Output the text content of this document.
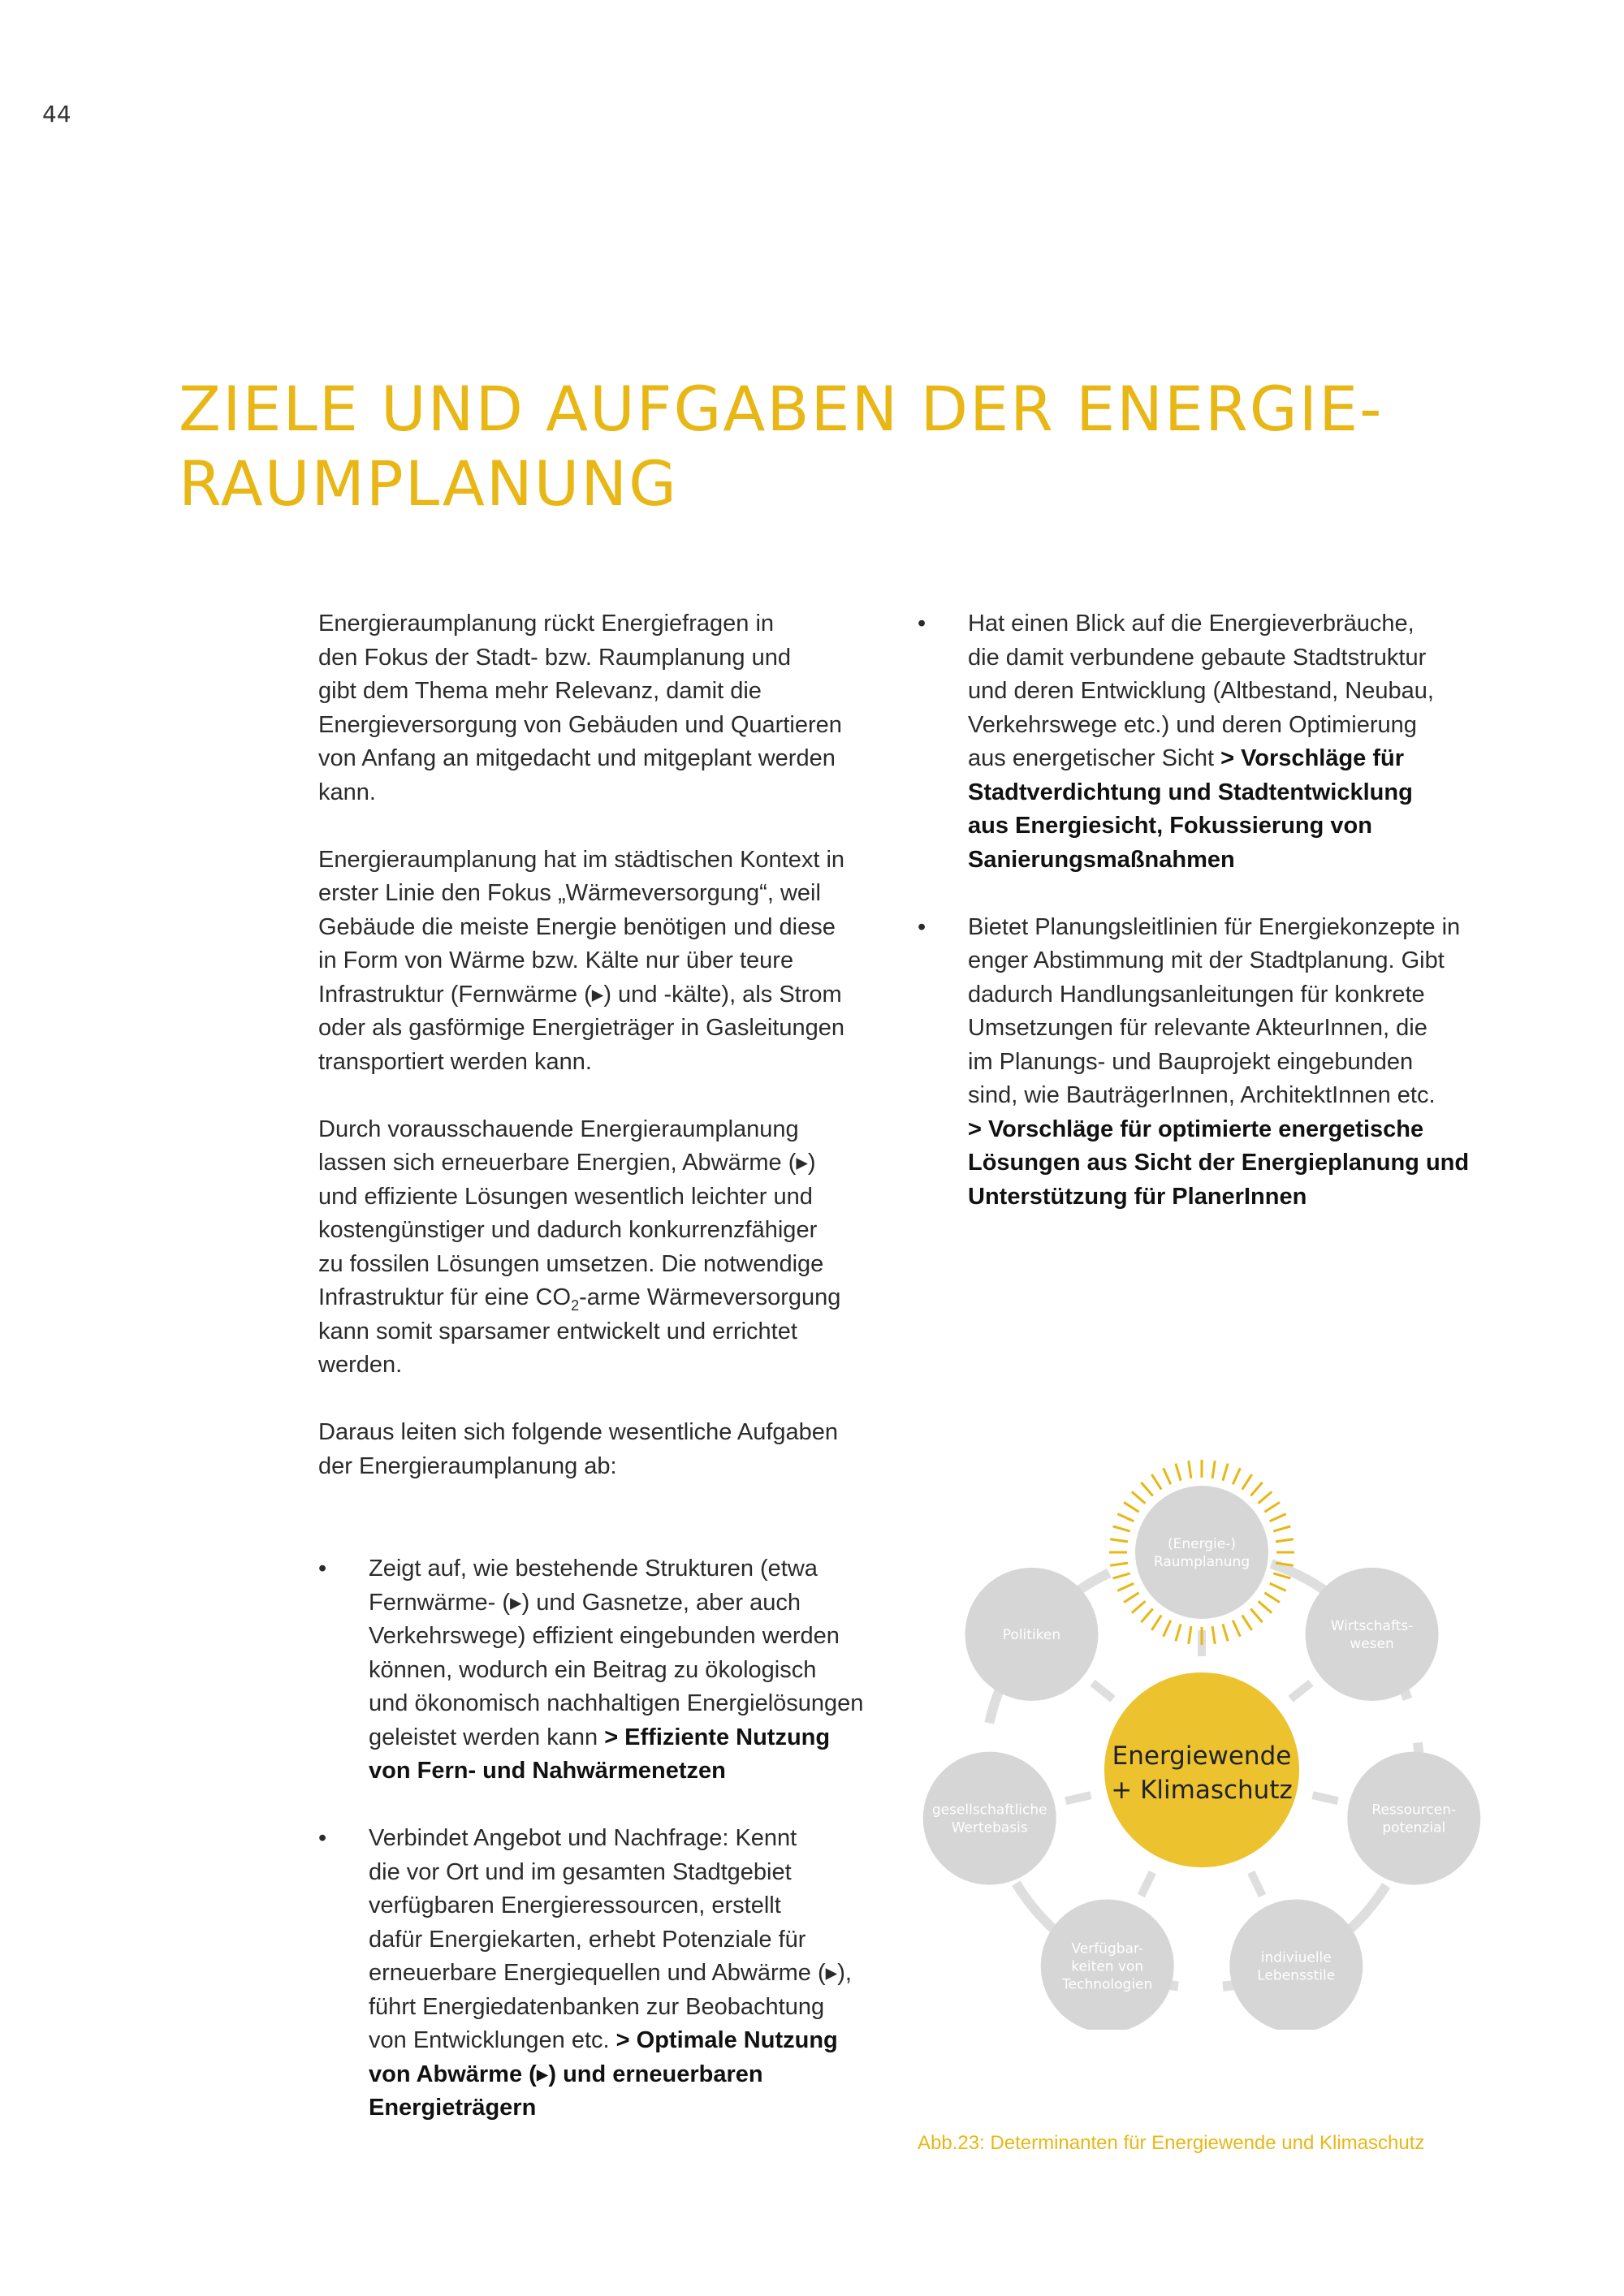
44
ZIELE UND AUFGABEN DER ENERGIE-
RAUMPLANUNG

Energieraumplanung rückt Energiefragen in
den Fokus der Stadt- bzw. Raumplanung und
gibt dem Thema mehr Relevanz, damit die
Energieversorgung von Gebäuden und Quartieren
von Anfang an mitgedacht und mitgeplant werden
kann.

Energieraumplanung hat im städtischen Kontext in
erster Linie den Fokus „Wärmeversorgung“, weil
Gebäude die meiste Energie benötigen und diese
in Form von Wärme bzw. Kälte nur über teure
Infrastruktur (Fernwärme (▸) und -kälte), als Strom
oder als gasförmige Energieträger in Gasleitungen
transportiert werden kann.

Durch vorausschauende Energieraumplanung
lassen sich erneuerbare Energien, Abwärme (▸)
und effiziente Lösungen wesentlich leichter und
kostengünstiger und dadurch konkurrenzfähiger
zu fossilen Lösungen umsetzen. Die notwendige
Infrastruktur für eine $CO_2$-arme Wärmeversorgung
kann somit sparsamer entwickelt und errichtet
werden.

Daraus leiten sich folgende wesentliche Aufgaben
der Energieraumplanung ab:

• Zeigt auf, wie bestehende Strukturen (etwa
Fernwärme- (▸) und Gasnetze, aber auch
Verkehrswege) effizient eingebunden werden
können, wodurch ein Beitrag zu ökologisch
und ökonomisch nachhaltigen Energielösungen
geleistet werden kann > Effiziente Nutzung
von Fern- und Nahwärmenetzen

• Verbindet Angebot und Nachfrage: Kennt
die vor Ort und im gesamten Stadtgebiet
verfügbaren Energieressourcen, erstellt
dafür Energiekarten, erhebt Potenziale für
erneuerbare Energiequellen und Abwärme (▸),
führt Energiedatenbanken zur Beobachtung
von Entwicklungen etc. > Optimale Nutzung
von Abwärme (▸) und erneuerbaren
Energieträgern

• Hat einen Blick auf die Energieverbräuche,
die damit verbundene gebaute Stadtstruktur
und deren Entwicklung (Altbestand, Neubau,
Verkehrswege etc.) und deren Optimierung
aus energetischer Sicht > Vorschläge für
Stadtverdichtung und Stadtentwicklung
aus Energiesicht, Fokussierung von
Sanierungsmaßnahmen

• Bietet Planungsleitlinien für Energiekonzepte in
enger Abstimmung mit der Stadtplanung. Gibt
dadurch Handlungsanleitungen für konkrete
Umsetzungen für relevante AkteurInnen, die
im Planungs- und Bauprojekt eingebunden
sind, wie BauträgerInnen, ArchitektInnen etc.
> Vorschläge für optimierte energetische
Lösungen aus Sicht der Energieplanung und
Unterstützung für PlanerInnen

(Energie-)
Raumplanung
Wirtschafts-
wesen
Ressourcen-
potenzial
indiviuelle
Lebensstile
Verfügbar-
keiten von
Technologien
gesellschaftliche
Wertebasis
Politiken
Energiewende
+ Klimaschutz
Abb.23: Determinanten für Energiewende und Klimaschutz
